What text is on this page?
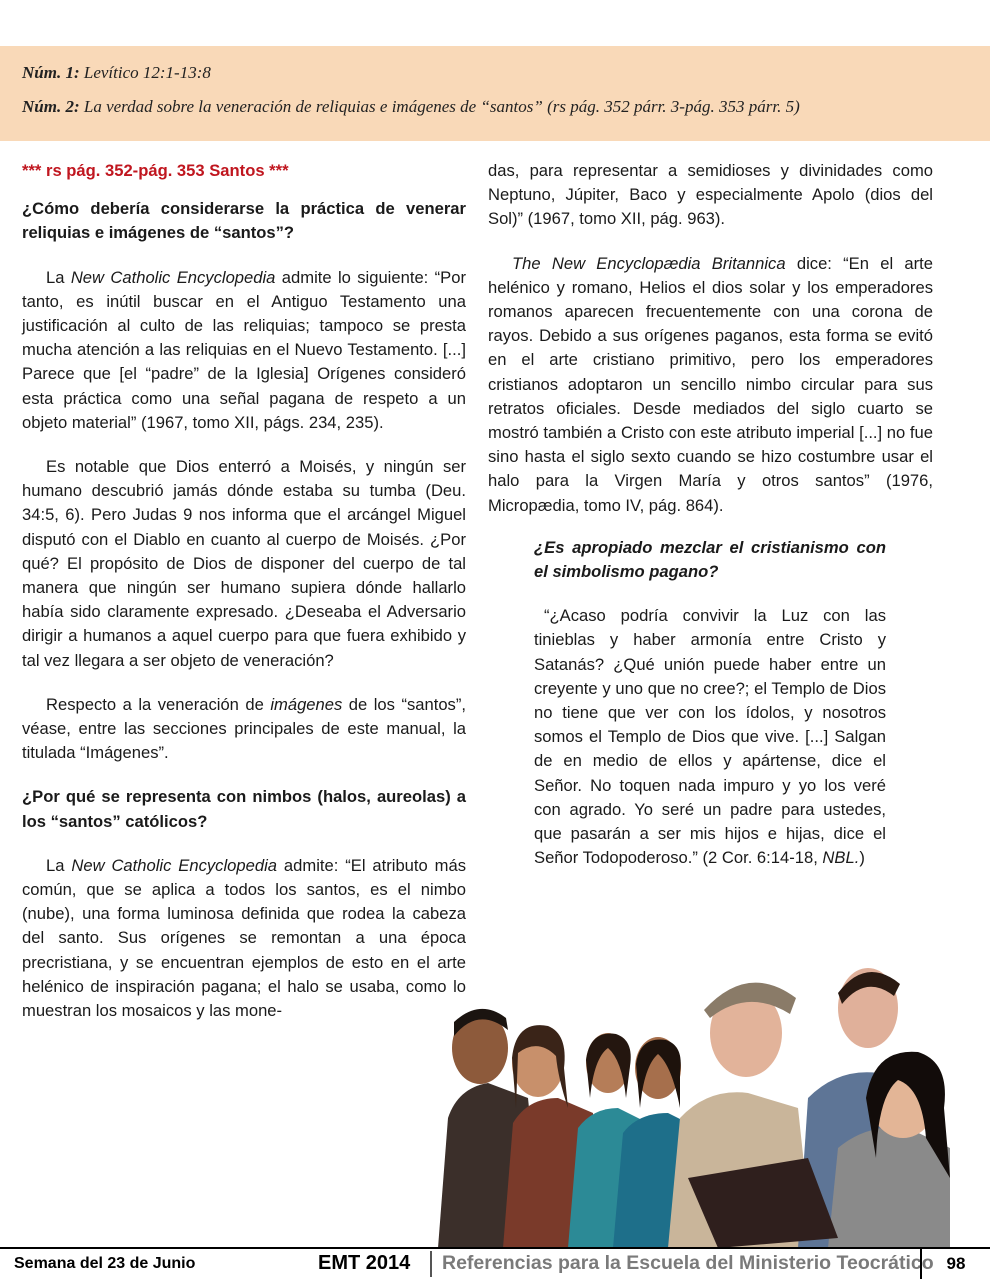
Núm. 1: Levítico 12:1-13:8
Núm. 2: La verdad sobre la veneración de reliquias e imágenes de “santos” (rs pág. 352 párr. 3-pág. 353 párr. 5)

*** rs pág. 352-pág. 353 Santos ***

¿Cómo debería considerarse la práctica de venerar reliquias e imágenes de “santos”?

La New Catholic Encyclopedia admite lo siguiente: “Por tanto, es inútil buscar en el Antiguo Testamento una justificación al culto de las reliquias; tampoco se presta mucha atención a las reliquias en el Nuevo Testamento. [...] Parece que [el “padre” de la Iglesia] Orígenes consideró esta práctica como una señal pagana de respeto a un objeto material” (1967, tomo XII, págs. 234, 235).

Es notable que Dios enterró a Moisés, y ningún ser humano descubrió jamás dónde estaba su tumba (Deu. 34:5, 6). Pero Judas 9 nos informa que el arcángel Miguel disputó con el Diablo en cuanto al cuerpo de Moisés. ¿Por qué? El propósito de Dios de disponer del cuerpo de tal manera que ningún ser humano supiera dónde hallarlo había sido claramente expresado. ¿Deseaba el Adversario dirigir a humanos a aquel cuerpo para que fuera exhibido y tal vez llegara a ser objeto de veneración?

Respecto a la veneración de imágenes de los “santos”, véase, entre las secciones principales de este manual, la titulada “Imágenes”.

¿Por qué se representa con nimbos (halos, aureolas) a los “santos” católicos?

La New Catholic Encyclopedia admite: “El atributo más común, que se aplica a todos los santos, es el nimbo (nube), una forma luminosa definida que rodea la cabeza del santo. Sus orígenes se remontan a una época precristiana, y se encuentran ejemplos de esto en el arte helénico de inspiración pagana; el halo se usaba, como lo muestran los mosaicos y las mone-

das, para representar a semidioses y divinidades como Neptuno, Júpiter, Baco y especialmente Apolo (dios del Sol)” (1967, tomo XII, pág. 963).

The New Encyclopædia Britannica dice: “En el arte helénico y romano, Helios el dios solar y los emperadores romanos aparecen frecuentemente con una corona de rayos. Debido a sus orígenes paganos, esta forma se evitó en el arte cristiano primitivo, pero los emperadores cristianos adoptaron un sencillo nimbo circular para sus retratos oficiales. Desde mediados del siglo cuarto se mostró también a Cristo con este atributo imperial [...] no fue sino hasta el siglo sexto cuando se hizo costumbre usar el halo para la Virgen María y otros santos” (1976, Micropædia, tomo IV, pág. 864).

¿Es apropiado mezclar el cristianismo con el simbolismo pagano?

“¿Acaso podría convivir la Luz con las tinieblas y haber armonía entre Cristo y Satanás? ¿Qué unión puede haber entre un creyente y uno que no cree?; el Templo de Dios no tiene que ver con los ídolos, y nosotros somos el Templo de Dios que vive. [...] Salgan de en medio de ellos y apártense, dice el Señor. No toquen nada impuro y yo los veré con agrado. Yo seré un padre para ustedes, que pasarán a ser mis hijos e hijas, dice el Señor Todopoderoso.” (2 Cor. 6:14-18, NBL.)

Semana del 23 de Junio	EMT 2014 Referencias para la Escuela del Ministerio Teocrático 98
